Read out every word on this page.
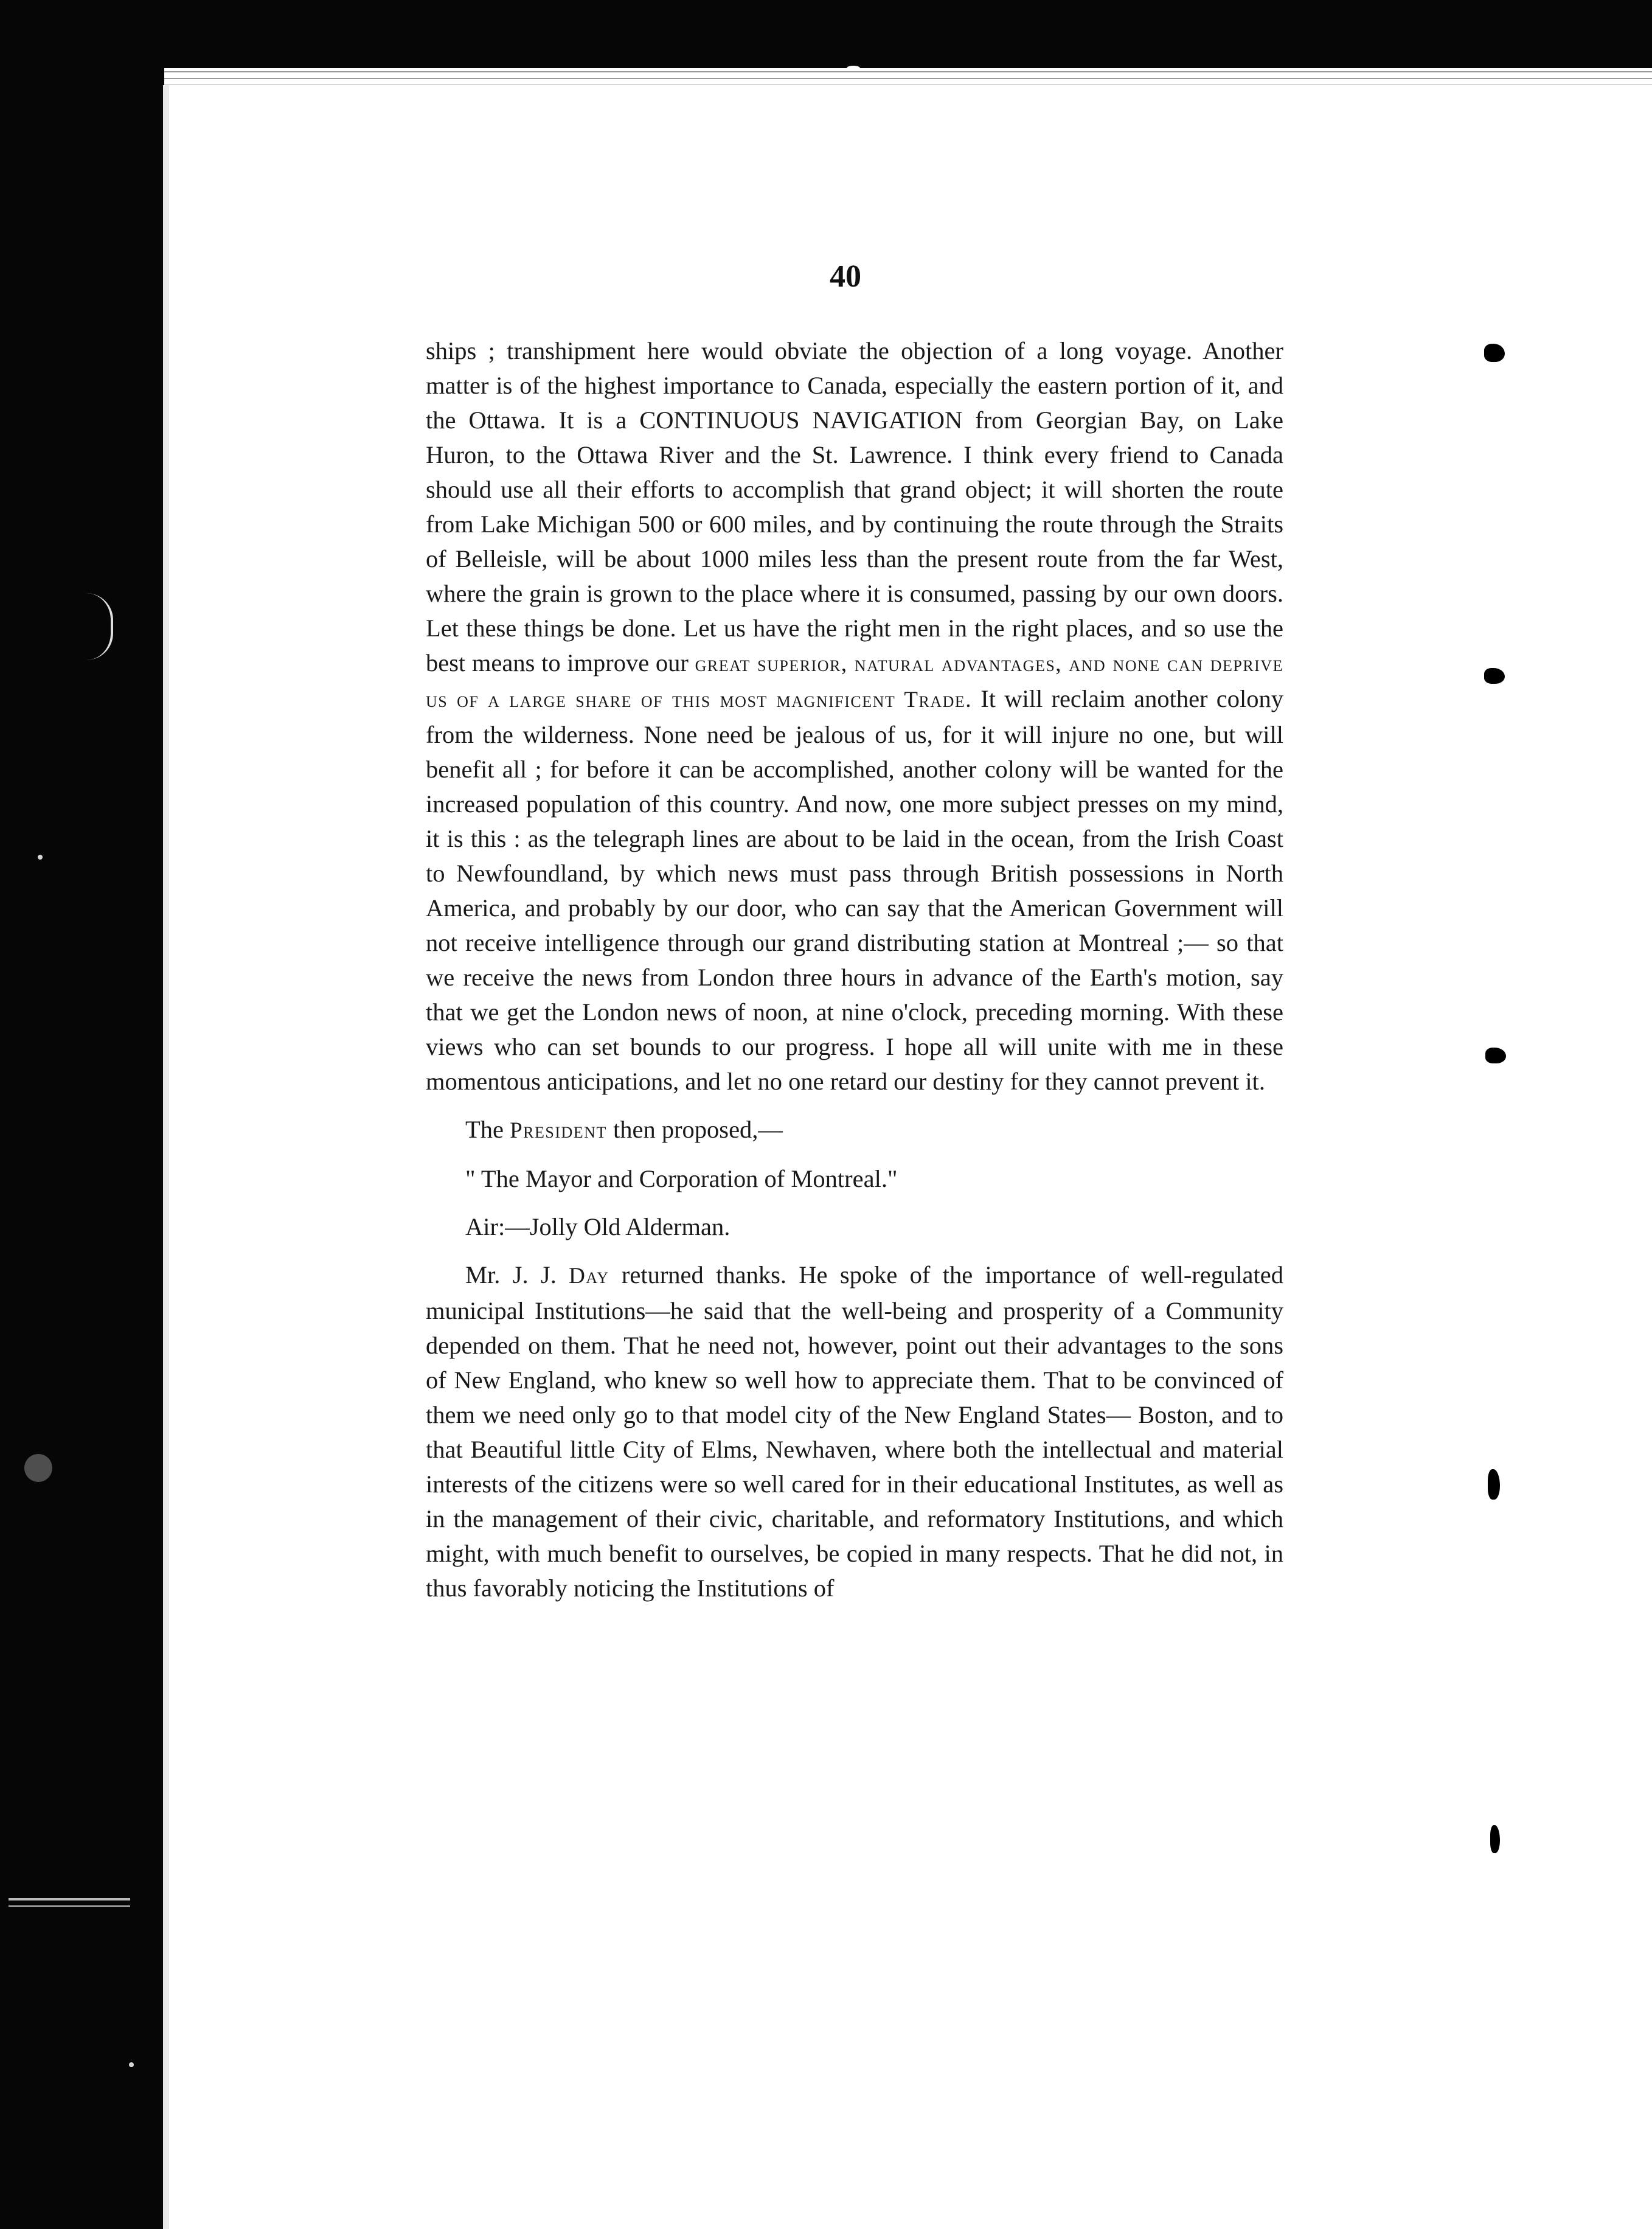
40

ships ; transhipment here would obviate the objection of a long voyage. Another matter is of the highest importance to Canada, especially the eastern portion of it, and the Ottawa. It is a CONTINUOUS NAVIGATION from Georgian Bay, on Lake Huron, to the Ottawa River and the St. Lawrence. I think every friend to Canada should use all their efforts to accomplish that grand object; it will shorten the route from Lake Michigan 500 or 600 miles, and by continuing the route through the Straits of Belleisle, will be about 1000 miles less than the present route from the far West, where the grain is grown to the place where it is consumed, passing by our own doors. Let these things be done. Let us have the right men in the right places, and so use the best means to improve our great superior, natural advantages, and none can deprive us of a large share of this most magnificent Trade. It will reclaim another colony from the wilderness. None need be jealous of us, for it will injure no one, but will benefit all ; for before it can be accomplished, another colony will be wanted for the increased population of this country. And now, one more subject presses on my mind, it is this : as the telegraph lines are about to be laid in the ocean, from the Irish Coast to Newfoundland, by which news must pass through British possessions in North America, and probably by our door, who can say that the American Government will not receive intelligence through our grand distributing station at Montreal ;— so that we receive the news from London three hours in advance of the Earth's motion, say that we get the London news of noon, at nine o'clock, preceding morning. With these views who can set bounds to our progress. I hope all will unite with me in these momentous anticipations, and let no one retard our destiny for they cannot prevent it.

The President then proposed,—

" The Mayor and Corporation of Montreal."

Air:—Jolly Old Alderman.

Mr. J. J. Day returned thanks. He spoke of the importance of well-regulated municipal Institutions—he said that the well-being and prosperity of a Community depended on them. That he need not, however, point out their advantages to the sons of New England, who knew so well how to appreciate them. That to be convinced of them we need only go to that model city of the New England States— Boston, and to that Beautiful little City of Elms, Newhaven, where both the intellectual and material interests of the citizens were so well cared for in their educational Institutes, as well as in the management of their civic, charitable, and reformatory Institutions, and which might, with much benefit to ourselves, be copied in many respects. That he did not, in thus favorably noticing the Institutions of
